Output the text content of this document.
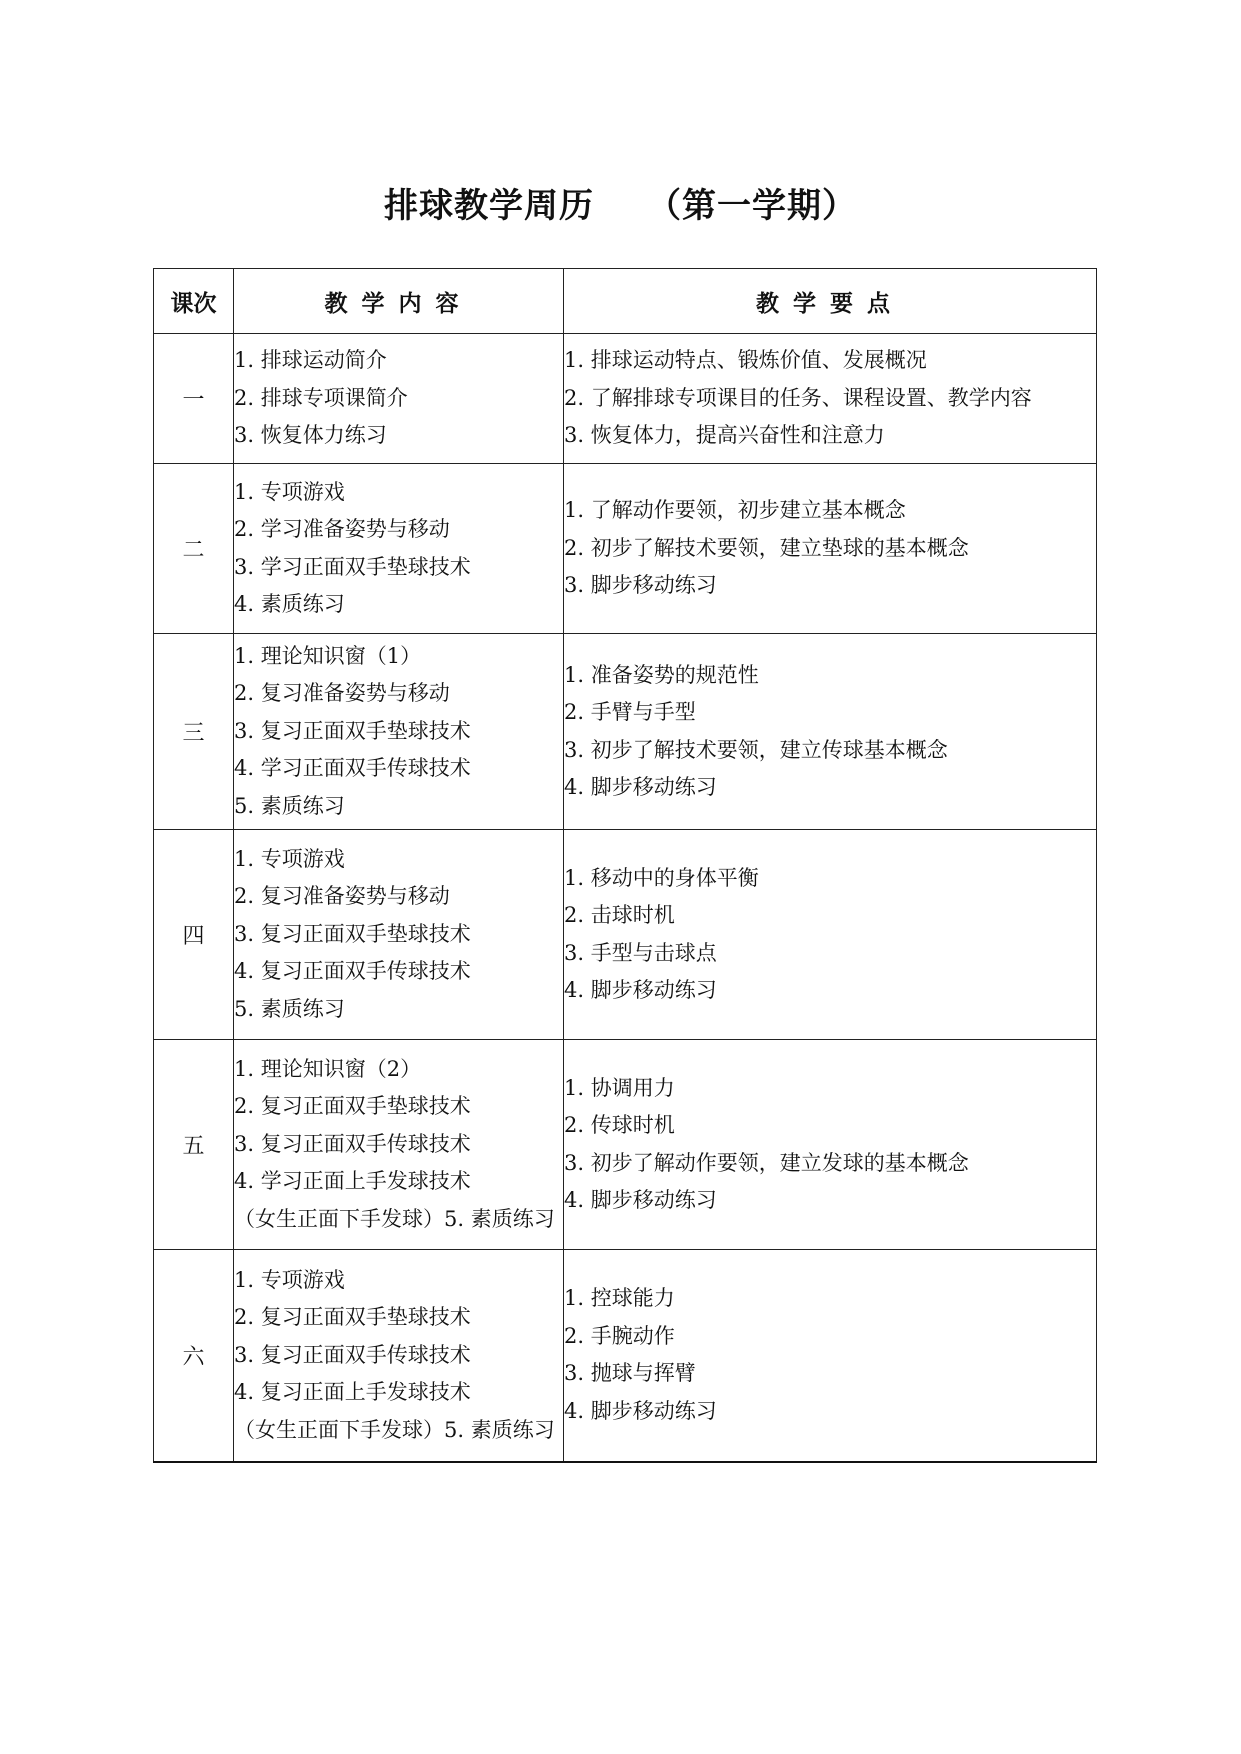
排球教学周历　　（第一学期）
课次	教学内容	教学要点
一	1. 排球运动简介
2. 排球专项课简介
3. 恢复体力练习	1. 排球运动特点、锻炼价值、发展概况
2. 了解排球专项课目的任务、课程设置、教学内容
3. 恢复体力，提高兴奋性和注意力

二	1. 专项游戏
2. 学习准备姿势与移动
3. 学习正面双手垫球技术
4. 素质练习	1. 了解动作要领，初步建立基本概念
2. 初步了解技术要领，建立垫球的基本概念
3. 脚步移动练习

三	1. 理论知识窗（1）
2. 复习准备姿势与移动
3. 复习正面双手垫球技术
4. 学习正面双手传球技术
5. 素质练习	1. 准备姿势的规范性
2. 手臂与手型
3. 初步了解技术要领，建立传球基本概念
4. 脚步移动练习

四	1. 专项游戏
2. 复习准备姿势与移动
3. 复习正面双手垫球技术
4. 复习正面双手传球技术
5. 素质练习	1. 移动中的身体平衡
2. 击球时机
3. 手型与击球点
4. 脚步移动练习

五	1. 理论知识窗（2）
2. 复习正面双手垫球技术
3. 复习正面双手传球技术
4. 学习正面上手发球技术
（女生正面下手发球）5. 素质练习	1. 协调用力
2. 传球时机
3. 初步了解动作要领，建立发球的基本概念
4. 脚步移动练习

六	1. 专项游戏
2. 复习正面双手垫球技术
3. 复习正面双手传球技术
4. 复习正面上手发球技术
（女生正面下手发球）5. 素质练习	1. 控球能力
2. 手腕动作
3. 抛球与挥臂
4. 脚步移动练习
